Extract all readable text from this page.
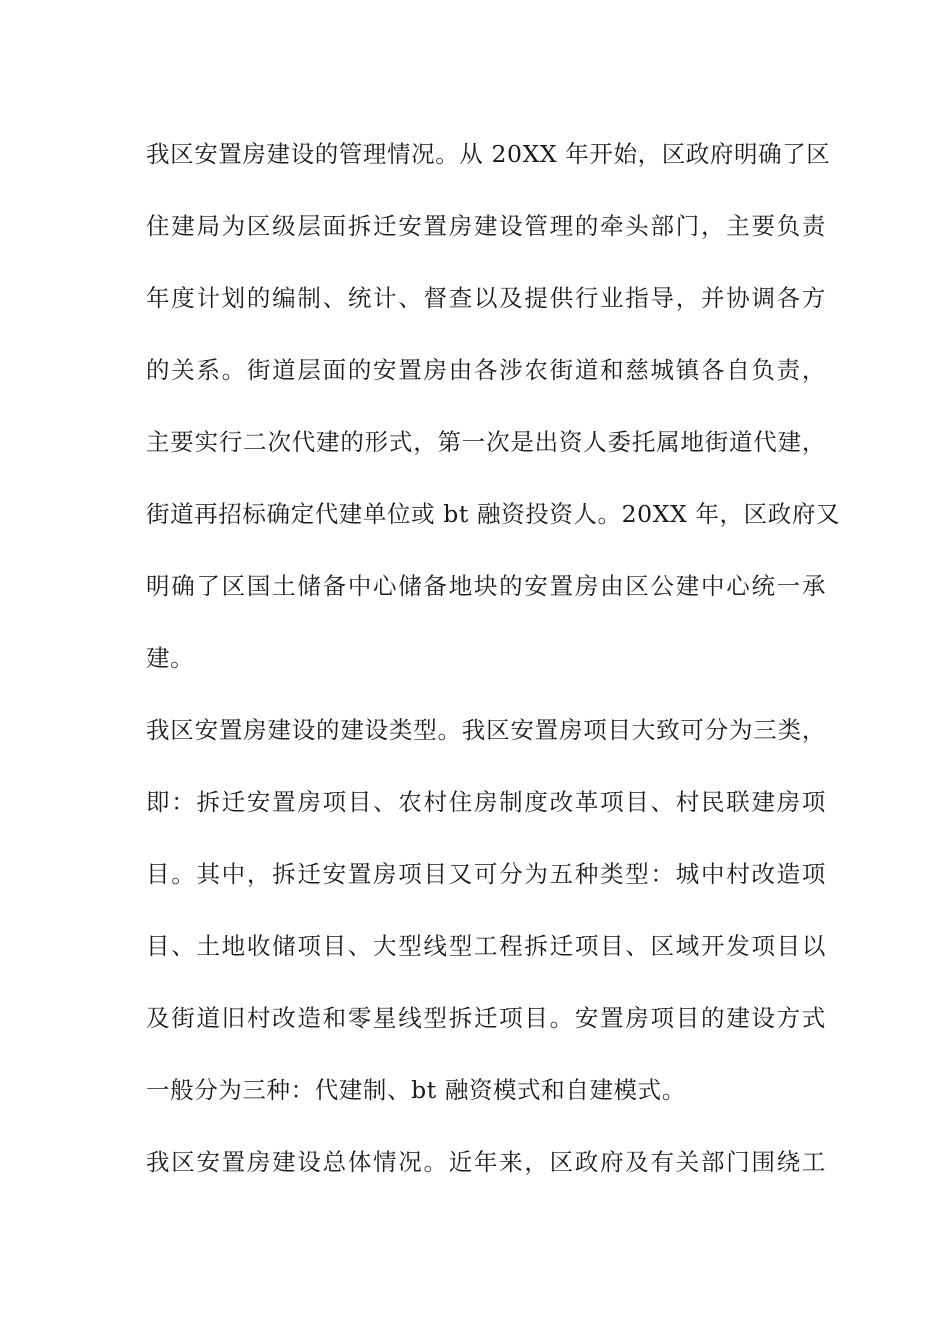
我区安置房建设的管理情况。从 20XX 年开始，区政府明确了区
住建局为区级层面拆迁安置房建设管理的牵头部门，主要负责
年度计划的编制、统计、督查以及提供行业指导，并协调各方
的关系。街道层面的安置房由各涉农街道和慈城镇各自负责，
主要实行二次代建的形式，第一次是出资人委托属地街道代建，
街道再招标确定代建单位或 bt 融资投资人。20XX 年，区政府又
明确了区国土储备中心储备地块的安置房由区公建中心统一承
建。
我区安置房建设的建设类型。我区安置房项目大致可分为三类，
即：拆迁安置房项目、农村住房制度改革项目、村民联建房项
目。其中，拆迁安置房项目又可分为五种类型：城中村改造项
目、土地收储项目、大型线型工程拆迁项目、区域开发项目以
及街道旧村改造和零星线型拆迁项目。安置房项目的建设方式
一般分为三种：代建制、bt 融资模式和自建模式。
我区安置房建设总体情况。近年来，区政府及有关部门围绕工
